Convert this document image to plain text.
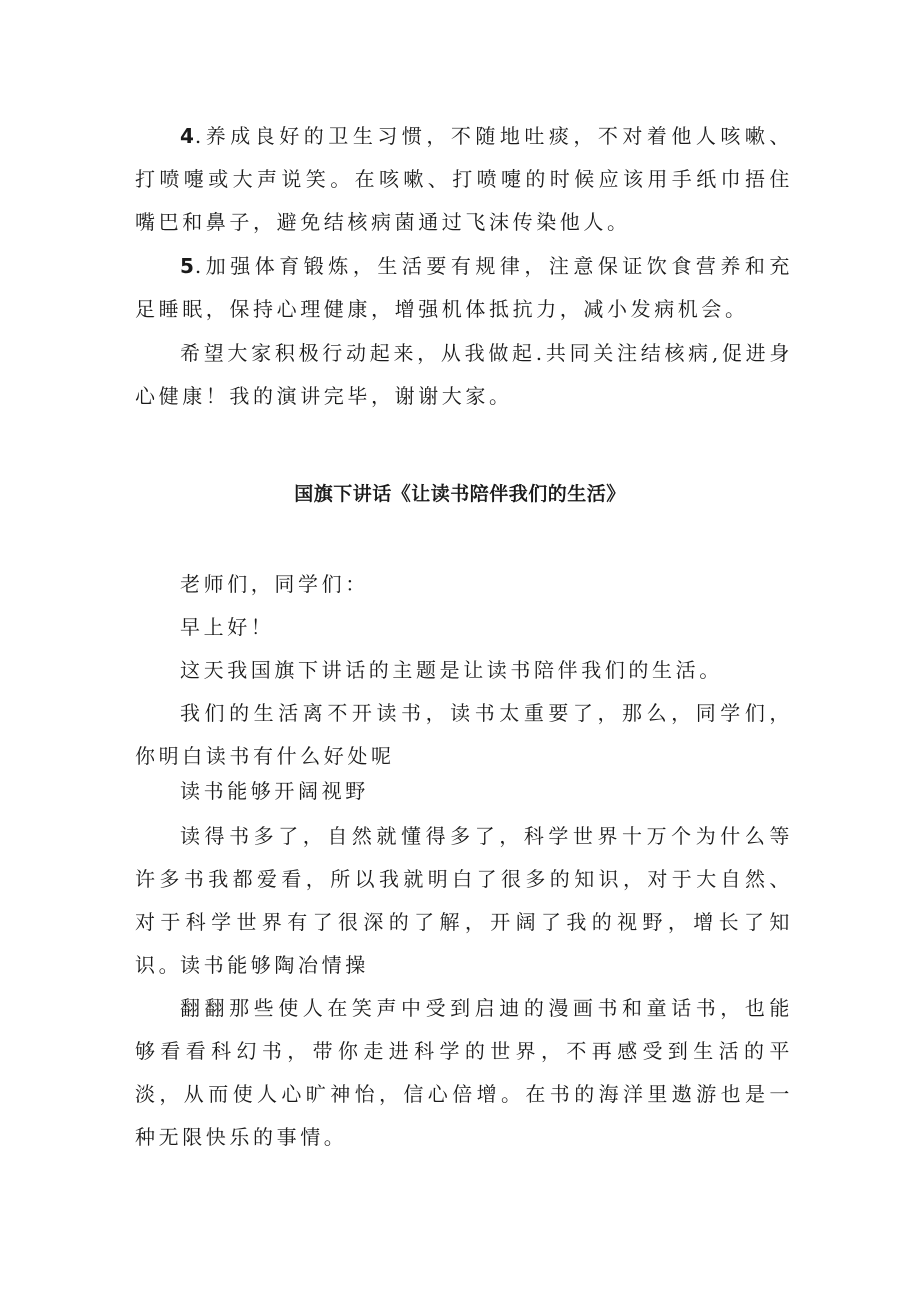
4.养成良好的卫生习惯，不随地吐痰，不对着他人咳嗽、打喷嚏或大声说笑。在咳嗽、打喷嚏的时候应该用手纸巾捂住嘴巴和鼻子，避免结核病菌通过飞沫传染他人。

5.加强体育锻炼，生活要有规律，注意保证饮食营养和充足睡眠，保持心理健康，增强机体抵抗力，减小发病机会。

希望大家积极行动起来，从我做起.共同关注结核病,促进身心健康！我的演讲完毕，谢谢大家。

国旗下讲话《让读书陪伴我们的生活》

老师们，同学们：

早上好！

这天我国旗下讲话的主题是让读书陪伴我们的生活。

我们的生活离不开读书，读书太重要了，那么，同学们，你明白读书有什么好处呢

读书能够开阔视野

读得书多了，自然就懂得多了，科学世界十万个为什么等许多书我都爱看，所以我就明白了很多的知识，对于大自然、对于科学世界有了很深的了解，开阔了我的视野，增长了知识。

读书能够陶冶情操

翻翻那些使人在笑声中受到启迪的漫画书和童话书，也能够看看科幻书，带你走进科学的世界，不再感受到生活的平淡，从而使人心旷神怡，信心倍增。在书的海洋里遨游也是一种无限快乐的事情。
